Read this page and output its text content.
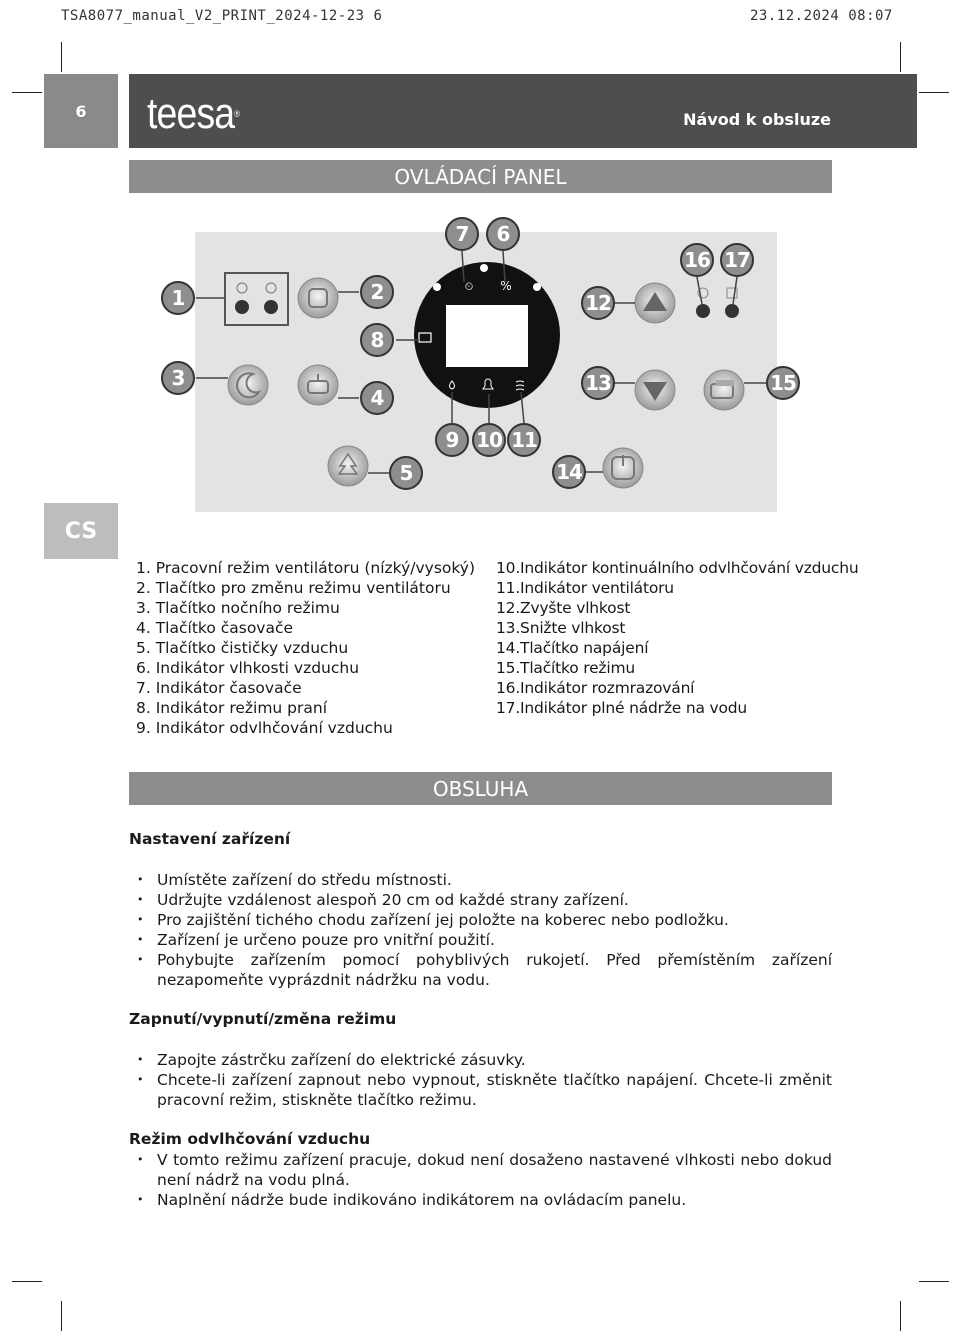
TSA8077_manual_V2_PRINT_2024-12-23 6	23.12.2024 08:07
6	teesa®	Návod k obsluze
OVLÁDACÍ PANEL
CS
⏲ %
1	2
3
4
5
6
7
8
9 10 11
12
13
14
15
16 17
1. Pracovní režim ventilátoru (nízký/vysoký)
2. Tlačítko pro změnu režimu ventilátoru
3. Tlačítko nočního režimu
4. Tlačítko časovače
5. Tlačítko čističky vzduchu
6. Indikátor vlhkosti vzduchu
7. Indikátor časovače
8. Indikátor režimu praní
9. Indikátor odvlhčování vzduchu
10.Indikátor kontinuálního odvlhčování vzduchu
11.Indikátor ventilátoru
12.Zvyšte vlhkost
13.Snižte vlhkost
14.Tlačítko napájení
15.Tlačítko režimu
16.Indikátor rozmrazování
17.Indikátor plné nádrže na vodu
OBSLUHA
Nastavení zařízení
• Umístěte zařízení do středu místnosti.
• Udržujte vzdálenost alespoň 20 cm od každé strany zařízení.
• Pro zajištění tichého chodu zařízení jej položte na koberec nebo podložku.
• Zařízení je určeno pouze pro vnitřní použití.
• Pohybujte zařízením pomocí pohyblivých rukojetí. Před přemístěním zařízení nezapomeňte vyprázdnit nádržku na vodu.
Zapnutí/vypnutí/změna režimu
• Zapojte zástrčku zařízení do elektrické zásuvky.
• Chcete-li zařízení zapnout nebo vypnout, stiskněte tlačítko napájení. Chcete-li změnit pracovní režim, stiskněte tlačítko režimu.
Režim odvlhčování vzduchu
• V tomto režimu zařízení pracuje, dokud není dosaženo nastavené vlhkosti nebo dokud není nádrž na vodu plná.
• Naplnění nádrže bude indikováno indikátorem na ovládacím panelu.
